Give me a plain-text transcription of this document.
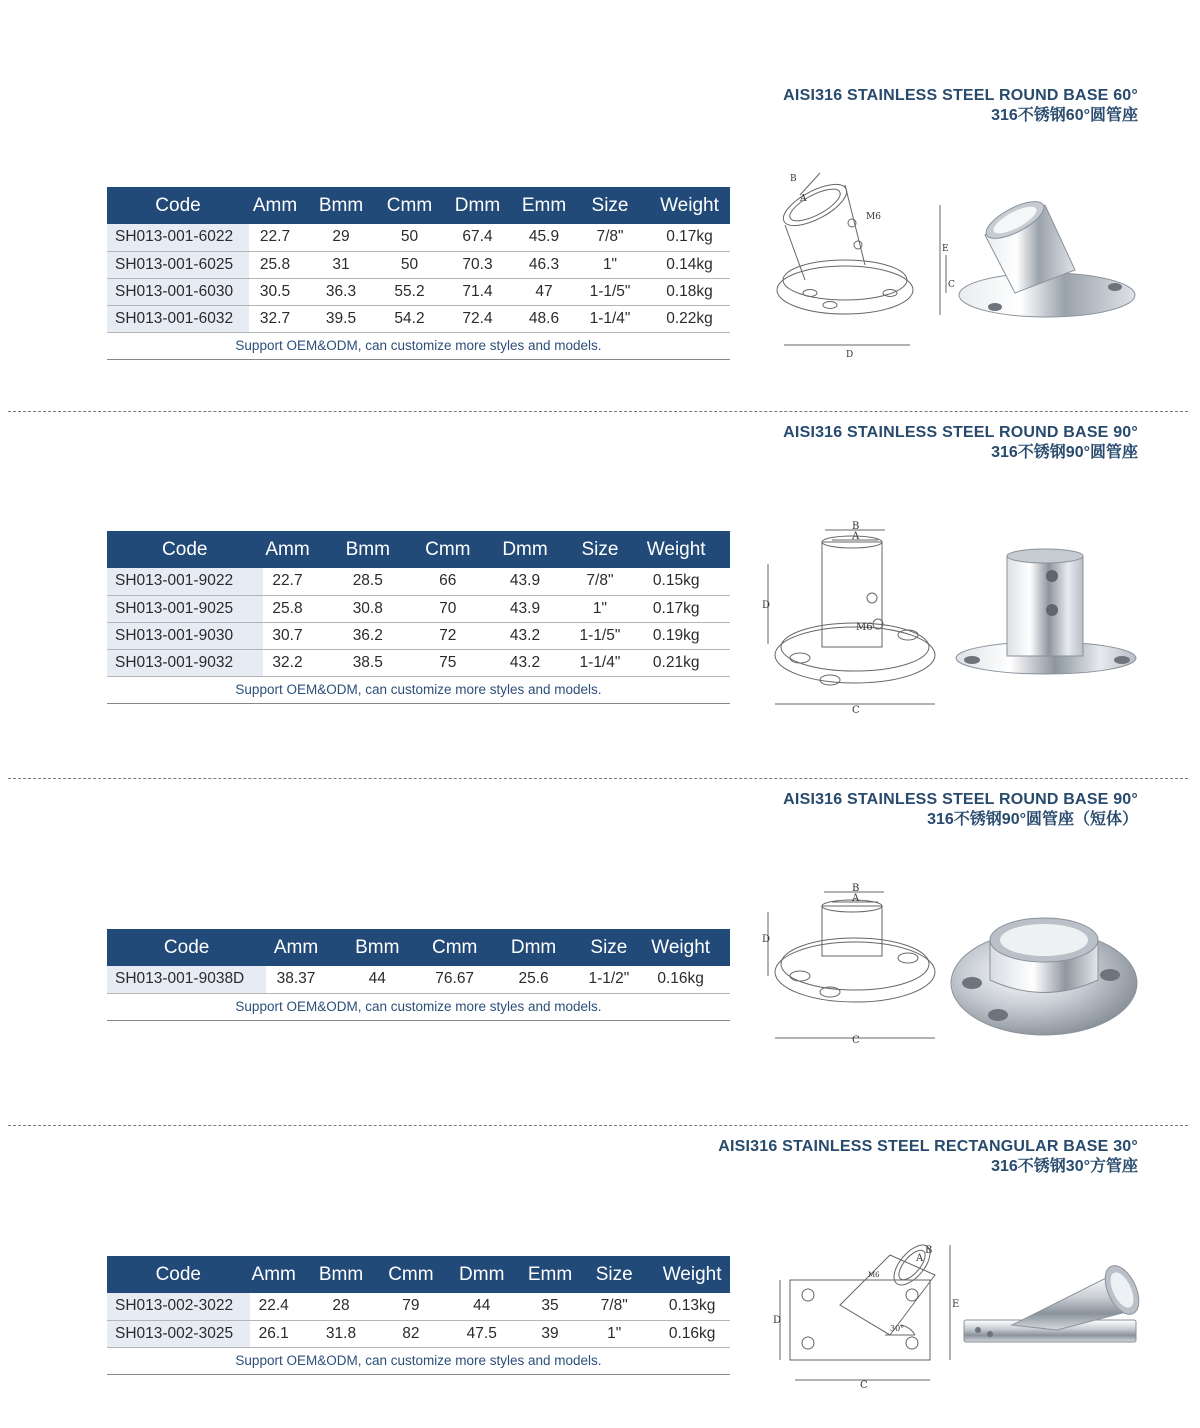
AISI316 STAINLESS STEEL ROUND BASE 60°
316不锈钢60°圆管座
Code	Amm	Bmm	Cmm	Dmm	Emm	Size	Weight
SH013-001-6022	22.7	29	50	67.4	45.9	7/8"	0.17kg
SH013-001-6025	25.8	31	50	70.3	46.3	1"	0.14kg
SH013-001-6030	30.5	36.3	55.2	71.4	47	1-1/5"	0.18kg
SH013-001-6032	32.7	39.5	54.2	72.4	48.6	1-1/4"	0.22kg
Support OEM&ODM, can customize more styles and models.							
B
A
M6
E
C
D
AISI316 STAINLESS STEEL ROUND BASE 90°
316不锈钢90°圆管座
Code	Amm	Bmm	Cmm	Dmm	Size	Weight
SH013-001-9022	22.7	28.5	66	43.9	7/8"	0.15kg
SH013-001-9025	25.8	30.8	70	43.9	1"	0.17kg
SH013-001-9030	30.7	36.2	72	43.2	1-1/5"	0.19kg
SH013-001-9032	32.2	38.5	75	43.2	1-1/4"	0.21kg
Support OEM&ODM, can customize more styles and models.						
B
A
D
M6
C
AISI316 STAINLESS STEEL ROUND BASE 90°
316不锈钢90°圆管座（短体）
Code	Amm	Bmm	Cmm	Dmm	Size	Weight
SH013-001-9038D	38.37	44	76.67	25.6	1-1/2"	0.16kg
Support OEM&ODM, can customize more styles and models.						
B
A
D
C
AISI316 STAINLESS STEEL RECTANGULAR BASE 30°
316不锈钢30°方管座
Code	Amm	Bmm	Cmm	Dmm	Emm	Size	Weight
SH013-002-3022	22.4	28	79	44	35	7/8"	0.13kg
SH013-002-3025	26.1	31.8	82	47.5	39	1"	0.16kg
Support OEM&ODM, can customize more styles and models.							
B
A
M6
30°
D
E
C
